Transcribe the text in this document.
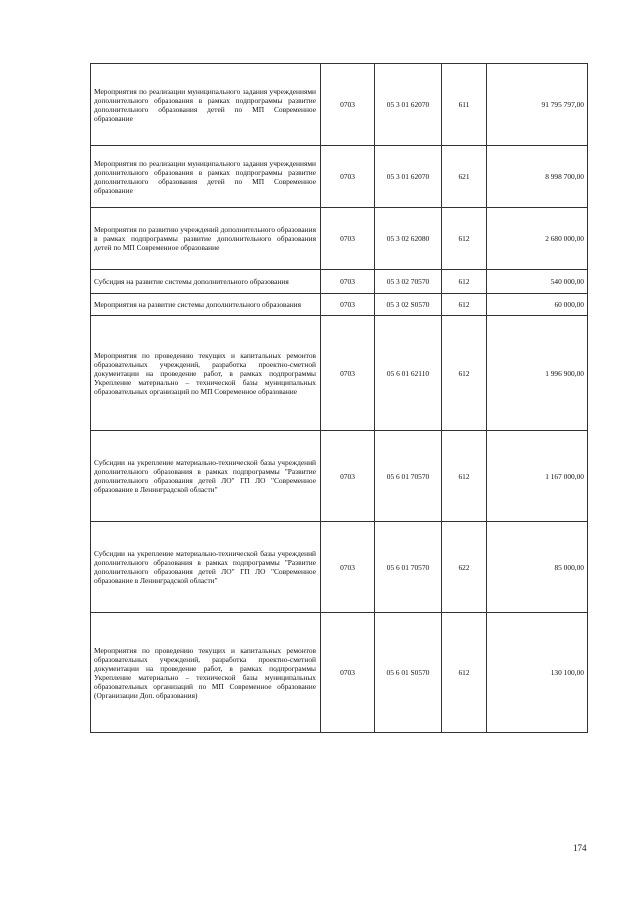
Мероприятия по реализации муниципального задания учреждениями дополнительного образования в рамках подпрограммы развитие дополнительного образования детей по МП Современное образование	0703	05 3 01 62070	611	91 795 797,00
Мероприятия по реализации муниципального задания учреждениями дополнительного образования в рамках подпрограммы развитие дополнительного образования детей по МП Современное образование	0703	05 3 01 62070	621	8 998 700,00
Мероприятия по развитию учреждений дополнительного образования в рамках подпрограммы развитие дополнительного образования детей по МП Современное образование	0703	05 3 02 62080	612	2 680 000,00
Субсидия на развитие системы дополнительного образования	0703	05 3 02 70570	612	540 000,00
Мероприятия на развитие системы дополнительного образования	0703	05 3 02 S0570	612	60 000,00
Мероприятия по проведению текущих и капитальных ремонтов образовательных учреждений, разработка проектно-сметной документации на проведение работ, в рамках подпрограммы Укрепление материально – технической базы муниципальных образовательных организаций по МП Современное образование	0703	05 6 01 62110	612	1 996 900,00
Субсидии на укрепление материально-технической базы учреждений дополнительного образования в рамках подпрограммы "Развитие дополнительного образования детей ЛО" ГП ЛО "Современное образование в Ленинградской области"	0703	05 6 01 70570	612	1 167 000,00
Субсидии на укрепление материально-технической базы учреждений дополнительного образования в рамках подпрограммы "Развитие дополнительного образования детей ЛО" ГП ЛО "Современное образование в Ленинградской области"	0703	05 6 01 70570	622	85 000,00
Мероприятия по проведению текущих и капитальных ремонтов образовательных учреждений, разработка проектно-сметной документации на проведение работ, в рамках подпрограммы Укрепление материально – технической базы муниципальных образовательных организаций по МП Современное образование (Организации Доп. образования)	0703	05 6 01 S0570	612	130 100,00
174
